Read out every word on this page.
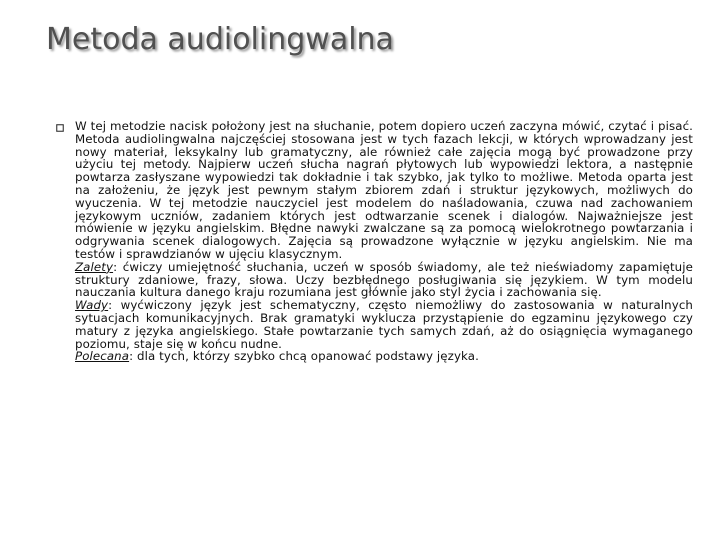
Metoda audiolingwalna

W tej metodzie nacisk położony jest na słuchanie, potem dopiero uczeń zaczyna mówić, czytać i pisać. Metoda audiolingwalna najczęściej stosowana jest w tych fazach lekcji, w których wprowadzany jest nowy materiał, leksykalny lub gramatyczny, ale również całe zajęcia mogą być prowadzone przy użyciu tej metody. Najpierw uczeń słucha nagrań płytowych lub wypowiedzi lektora, a następnie powtarza zasłyszane wypowiedzi tak dokładnie i tak szybko, jak tylko to możliwe. Metoda oparta jest na założeniu, że język jest pewnym stałym zbiorem zdań i struktur językowych, możliwych do wyuczenia. W tej metodzie nauczyciel jest modelem do naśladowania, czuwa nad zachowaniem językowym uczniów, zadaniem których jest odtwarzanie scenek i dialogów. Najważniejsze jest mówienie w języku angielskim. Błędne nawyki zwalczane są za pomocą wielokrotnego powtarzania i odgrywania scenek dialogowych. Zajęcia są prowadzone wyłącznie w języku angielskim. Nie ma testów i sprawdzianów w ujęciu klasycznym.
Zalety: ćwiczy umiejętność słuchania, uczeń w sposób świadomy, ale też nieświadomy zapamiętuje struktury zdaniowe, frazy, słowa. Uczy bezbłędnego posługiwania się językiem. W tym modelu nauczania kultura danego kraju rozumiana jest głównie jako styl życia i zachowania się.
Wady: wyćwiczony język jest schematyczny, często niemożliwy do zastosowania w naturalnych sytuacjach komunikacyjnych. Brak gramatyki wyklucza przystąpienie do egzaminu językowego czy matury z języka angielskiego. Stałe powtarzanie tych samych zdań, aż do osiągnięcia wymaganego poziomu, staje się w końcu nudne.
Polecana: dla tych, którzy szybko chcą opanować podstawy języka.
